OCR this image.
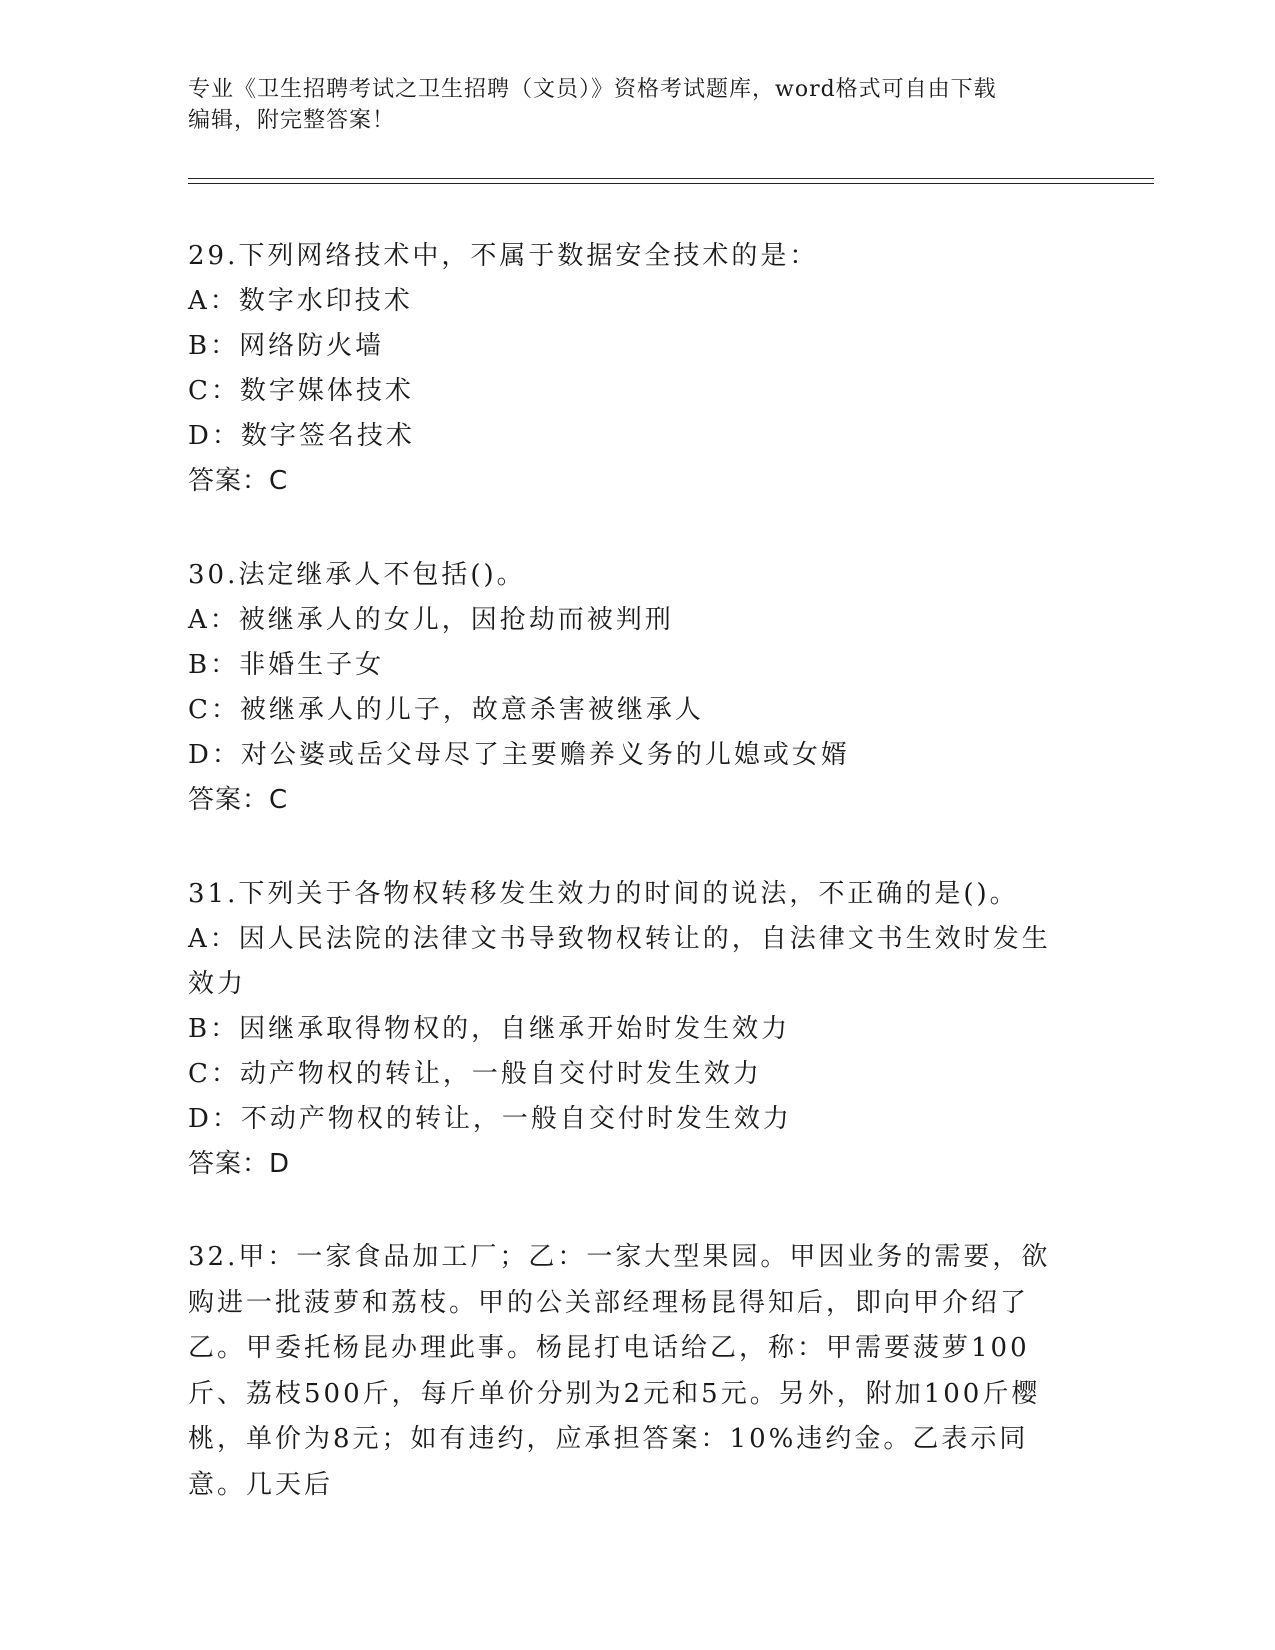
专业《卫生招聘考试之卫生招聘（文员）》资格考试题库，word格式可自由下载
编辑，附完整答案！
29.下列网络技术中，不属于数据安全技术的是：
A：数字水印技术
B：网络防火墙
C：数字媒体技术
D：数字签名技术
答案：C
30.法定继承人不包括()。
A：被继承人的女儿，因抢劫而被判刑
B：非婚生子女
C：被继承人的儿子，故意杀害被继承人
D：对公婆或岳父母尽了主要赡养义务的儿媳或女婿
答案：C
31.下列关于各物权转移发生效力的时间的说法，不正确的是()。
A：因人民法院的法律文书导致物权转让的，自法律文书生效时发生效力
B：因继承取得物权的，自继承开始时发生效力
C：动产物权的转让，一般自交付时发生效力
D：不动产物权的转让，一般自交付时发生效力
答案：D
32.甲：一家食品加工厂；乙：一家大型果园。甲因业务的需要，欲购进一批菠萝和荔枝。甲的公关部经理杨昆得知后，即向甲介绍了乙。甲委托杨昆办理此事。杨昆打电话给乙，称：甲需要菠萝100斤、荔枝500斤，每斤单价分别为2元和5元。另外，附加100斤樱桃，单价为8元；如有违约，应承担答案：10%违约金。乙表示同意。几天后
